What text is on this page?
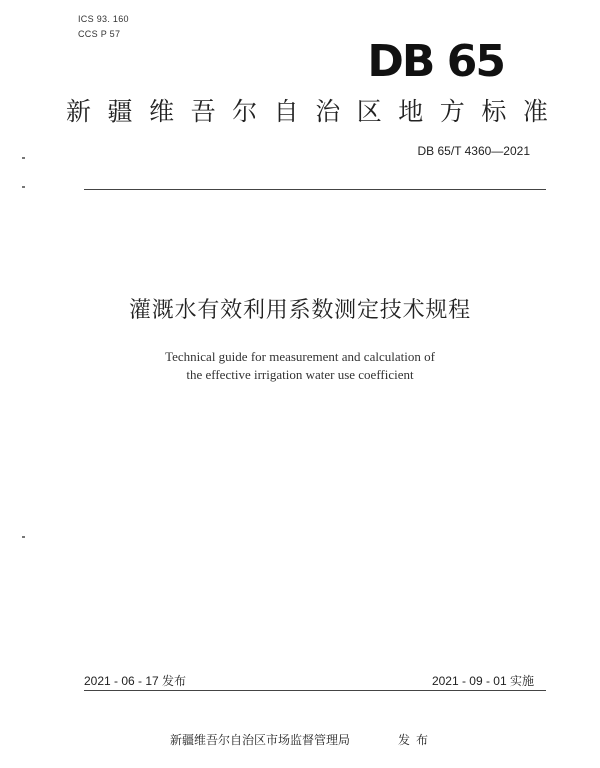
ICS 93. 160
CCS P 57
DB 65
新 疆 维 吾 尔 自 治 区 地 方 标 准
DB 65/T 4360—2021
灌溉水有效利用系数测定技术规程
Technical guide for measurement and calculation of
the effective irrigation water use coefficient
2021 - 06 - 17 发布	2021 - 09 - 01 实施
新疆维吾尔自治区市场监督管理局	发布
